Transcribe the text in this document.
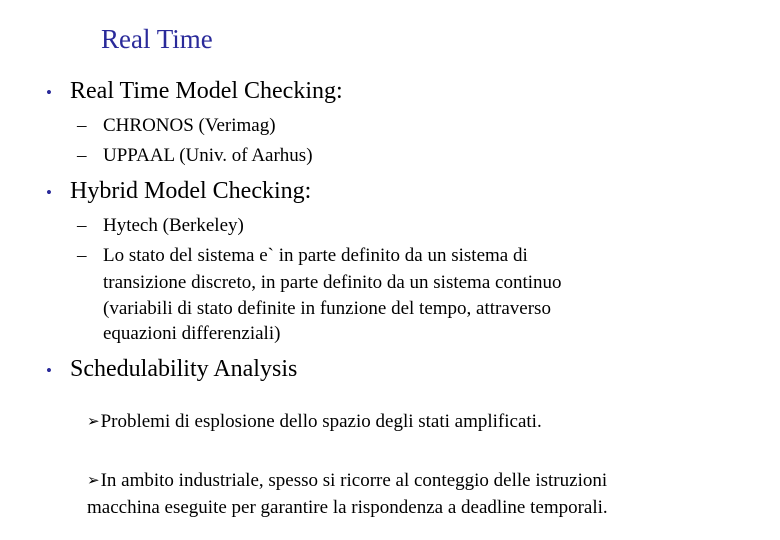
Real Time
• Real Time Model Checking:
– CHRONOS (Verimag)
– UPPAAL (Univ. of Aarhus)
• Hybrid Model Checking:
– Hytech (Berkeley)
– Lo stato del sistema e` in parte definito da un sistema di
transizione discreto, in parte definito da un sistema continuo
(variabili di stato definite in funzione del tempo, attraverso
equazioni differenziali)
• Schedulability Analysis
➢Problemi di esplosione dello spazio degli stati amplificati.
➢In ambito industriale, spesso si ricorre al conteggio delle istruzioni
macchina eseguite per garantire la rispondenza a deadline temporali.
